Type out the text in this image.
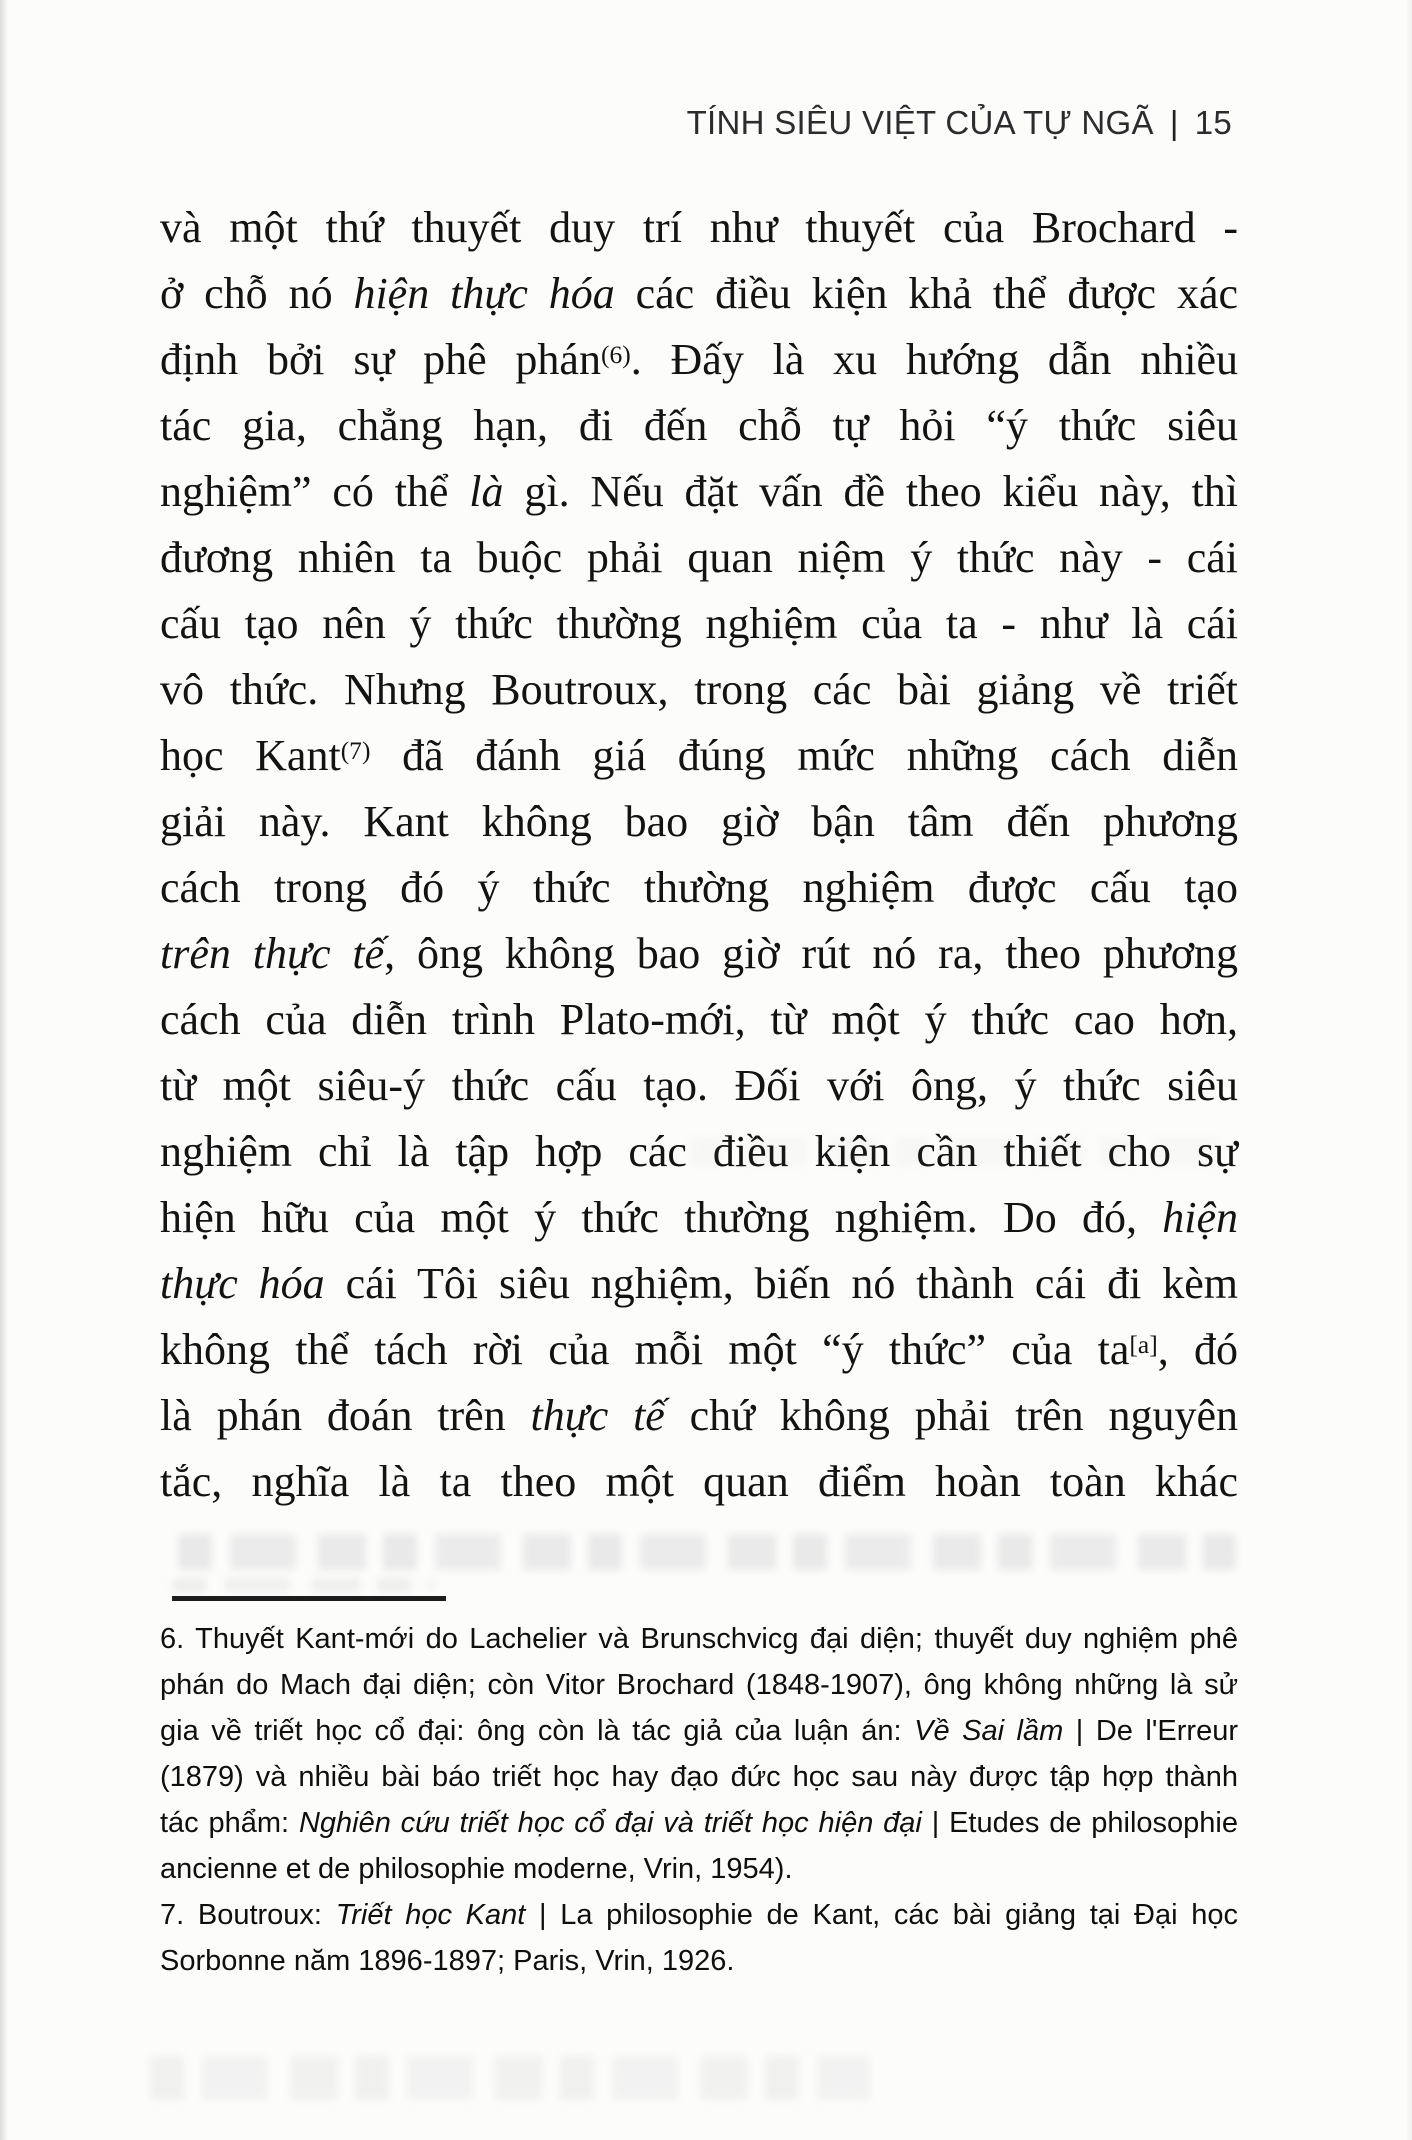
TÍNH SIÊU VIỆT CỦA TỰ NGÃ | 15
và một thứ thuyết duy trí như thuyết của Brochard -
ở chỗ nó hiện thực hóa các điều kiện khả thể được xác
định bởi sự phê phán$^{(6)}$. Đấy là xu hướng dẫn nhiều
tác gia, chẳng hạn, đi đến chỗ tự hỏi “ý thức siêu
nghiệm” có thể là gì. Nếu đặt vấn đề theo kiểu này, thì
đương nhiên ta buộc phải quan niệm ý thức này - cái
cấu tạo nên ý thức thường nghiệm của ta - như là cái
vô thức. Nhưng Boutroux, trong các bài giảng về triết
học Kant$^{(7)}$ đã đánh giá đúng mức những cách diễn
giải này. Kant không bao giờ bận tâm đến phương
cách trong đó ý thức thường nghiệm được cấu tạo
trên thực tế, ông không bao giờ rút nó ra, theo phương
cách của diễn trình Plato-mới, từ một ý thức cao hơn,
từ một siêu-ý thức cấu tạo. Đối với ông, ý thức siêu
nghiệm chỉ là tập hợp các điều kiện cần thiết cho sự
hiện hữu của một ý thức thường nghiệm. Do đó, hiện
thực hóa cái Tôi siêu nghiệm, biến nó thành cái đi kèm
không thể tách rời của mỗi một “ý thức” của ta[a], đó
là phán đoán trên thực tế chứ không phải trên nguyên
tắc, nghĩa là ta theo một quan điểm hoàn toàn khác
6. Thuyết Kant-mới do Lachelier và Brunschvicg đại diện; thuyết duy nghiệm phê
phán do Mach đại diện; còn Vitor Brochard (1848-1907), ông không những là sử
gia về triết học cổ đại: ông còn là tác giả của luận án: Về Sai lầm | De l'Erreur
(1879) và nhiều bài báo triết học hay đạo đức học sau này được tập hợp thành
tác phẩm: Nghiên cứu triết học cổ đại và triết học hiện đại | Etudes de philosophie
ancienne et de philosophie moderne, Vrin, 1954).
7. Boutroux: Triết học Kant | La philosophie de Kant, các bài giảng tại Đại học
Sorbonne năm 1896-1897; Paris, Vrin, 1926.
